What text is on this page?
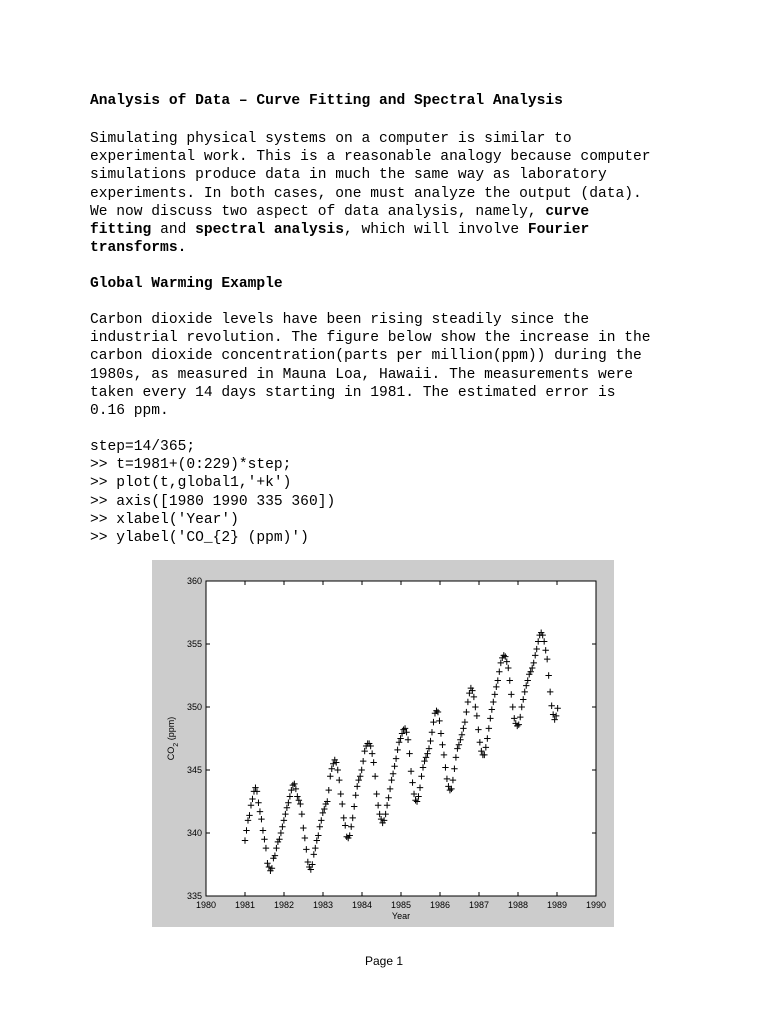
Analysis of Data – Curve Fitting and Spectral Analysis
Simulating physical systems on a computer is similar to
experimental work. This is a reasonable analogy because computer
simulations produce data in much the same way as laboratory
experiments. In both cases, one must analyze the output (data).
We now discuss two aspect of data analysis, namely, curve
fitting and spectral analysis, which will involve Fourier
transforms.
Global Warming Example
Carbon dioxide levels have been rising steadily since the
industrial revolution. The figure below show the increase in the
carbon dioxide concentration(parts per million(ppm)) during the
1980s, as measured in Mauna Loa, Hawaii. The measurements were
taken every 14 days starting in 1981. The estimated error is
0.16 ppm.
step=14/365;
>> t=1981+(0:229)*step;
>> plot(t,global1,'+k')
>> axis([1980 1990 335 360])
>> xlabel('Year')
>> ylabel('CO_{2} (ppm)')
1980 1981 1982 1983 1984 1985 1986 1987 1988 1989 1990
335
340
345
350
355
360
Year
$CO_2$ (ppm)
Page 1
